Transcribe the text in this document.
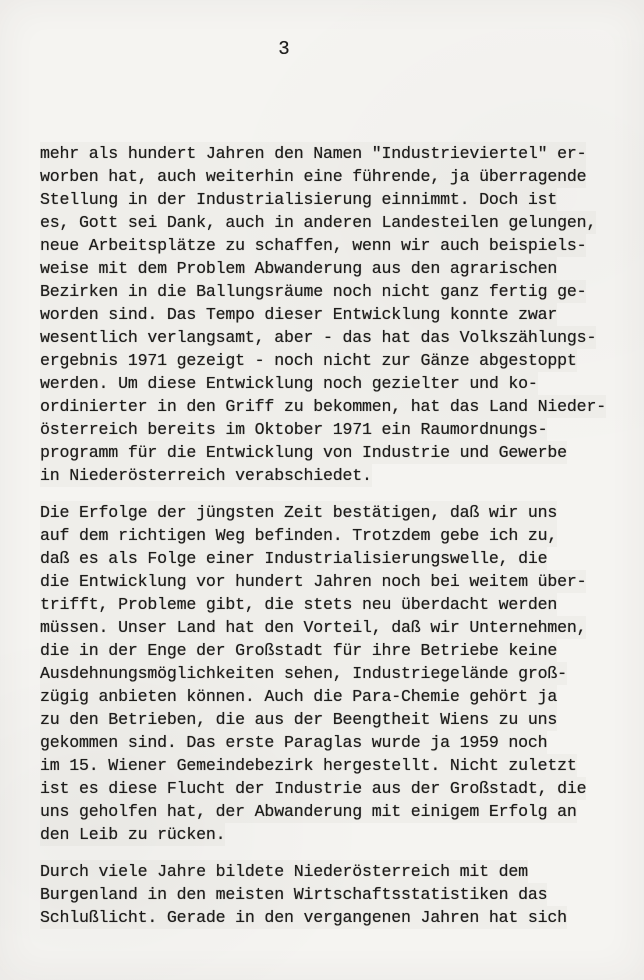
3
mehr als hundert Jahren den Namen "Industrieviertel" er-
worben hat, auch weiterhin eine führende, ja überragende
Stellung in der Industrialisierung einnimmt. Doch ist
es, Gott sei Dank, auch in anderen Landesteilen gelungen,
neue Arbeitsplätze zu schaffen, wenn wir auch beispiels-
weise mit dem Problem Abwanderung aus den agrarischen
Bezirken in die Ballungsräume noch nicht ganz fertig ge-
worden sind. Das Tempo dieser Entwicklung konnte zwar
wesentlich verlangsamt, aber - das hat das Volkszählungs-
ergebnis 1971 gezeigt - noch nicht zur Gänze abgestoppt
werden. Um diese Entwicklung noch gezielter und ko-
ordinierter in den Griff zu bekommen, hat das Land Nieder-
österreich bereits im Oktober 1971 ein Raumordnungs-
programm für die Entwicklung von Industrie und Gewerbe
in Niederösterreich verabschiedet.
Die Erfolge der jüngsten Zeit bestätigen, daß wir uns
auf dem richtigen Weg befinden. Trotzdem gebe ich zu,
daß es als Folge einer Industrialisierungswelle, die
die Entwicklung vor hundert Jahren noch bei weitem über-
trifft, Probleme gibt, die stets neu überdacht werden
müssen. Unser Land hat den Vorteil, daß wir Unternehmen,
die in der Enge der Großstadt für ihre Betriebe keine
Ausdehnungsmöglichkeiten sehen, Industriegelände groß-
zügig anbieten können. Auch die Para-Chemie gehört ja
zu den Betrieben, die aus der Beengtheit Wiens zu uns
gekommen sind. Das erste Paraglas wurde ja 1959 noch
im 15. Wiener Gemeindebezirk hergestellt. Nicht zuletzt
ist es diese Flucht der Industrie aus der Großstadt, die
uns geholfen hat, der Abwanderung mit einigem Erfolg an
den Leib zu rücken.
Durch viele Jahre bildete Niederösterreich mit dem
Burgenland in den meisten Wirtschaftsstatistiken das
Schlußlicht. Gerade in den vergangenen Jahren hat sich
